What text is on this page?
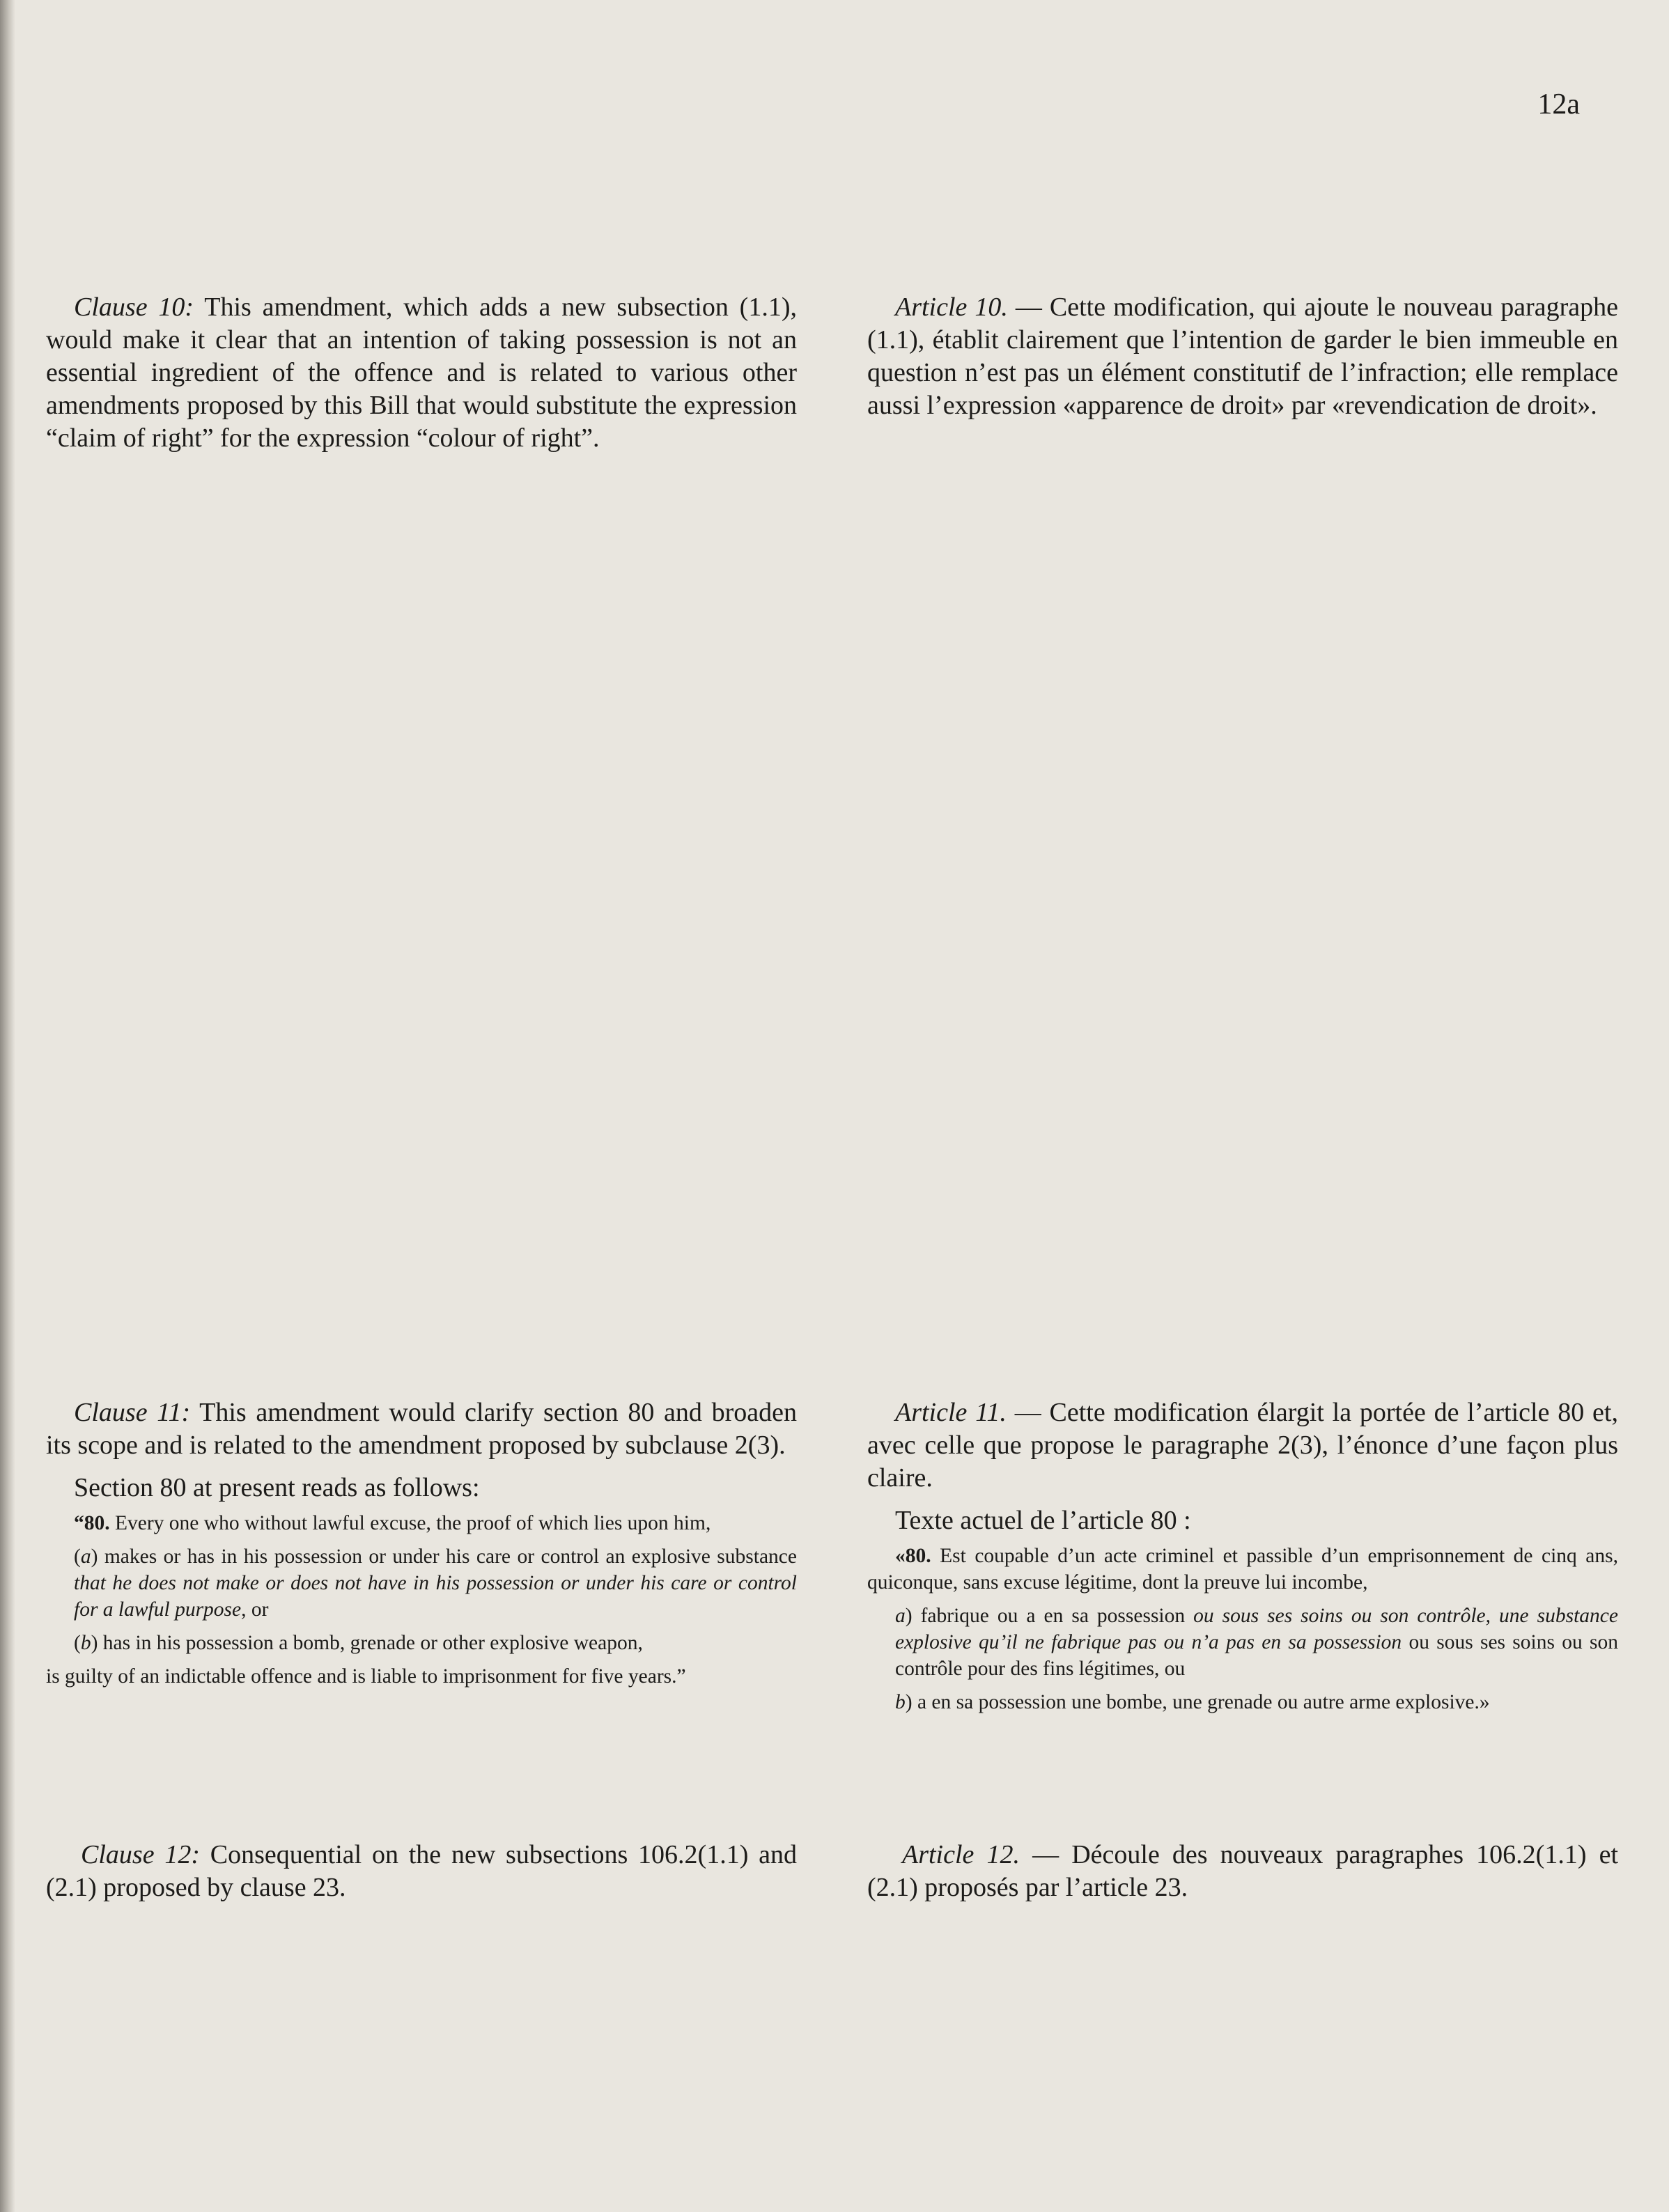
12a

Clause 10: This amendment, which adds a new subsection (1.1), would make it clear that an intention of taking possession is not an essential ingredient of the offence and is related to various other amendments proposed by this Bill that would substitute the expression “claim of right” for the expression “colour of right”.

Article 10. — Cette modification, qui ajoute le nouveau paragraphe (1.1), établit clairement que l’intention de garder le bien immeuble en question n’est pas un élément constitutif de l’infraction; elle remplace aussi l’expression «apparence de droit» par «revendication de droit».

Clause 11: This amendment would clarify section 80 and broaden its scope and is related to the amendment proposed by subclause 2(3).

Section 80 at present reads as follows:

“80. Every one who without lawful excuse, the proof of which lies upon him,

(a) makes or has in his possession or under his care or control an explosive substance that he does not make or does not have in his possession or under his care or control for a lawful purpose, or

(b) has in his possession a bomb, grenade or other explosive weapon,

is guilty of an indictable offence and is liable to imprisonment for five years.”

Article 11. — Cette modification élargit la portée de l’article 80 et, avec celle que propose le paragraphe 2(3), l’énonce d’une façon plus claire.

Texte actuel de l’article 80 :

«80. Est coupable d’un acte criminel et passible d’un emprisonnement de cinq ans, quiconque, sans excuse légitime, dont la preuve lui incombe,

a) fabrique ou a en sa possession ou sous ses soins ou son contrôle, une substance explosive qu’il ne fabrique pas ou n’a pas en sa possession ou sous ses soins ou son contrôle pour des fins légitimes, ou

b) a en sa possession une bombe, une grenade ou autre arme explosive.»

Clause 12: Consequential on the new subsections 106.2(1.1) and (2.1) proposed by clause 23.

Article 12. — Découle des nouveaux paragraphes 106.2(1.1) et (2.1) proposés par l’article 23.
